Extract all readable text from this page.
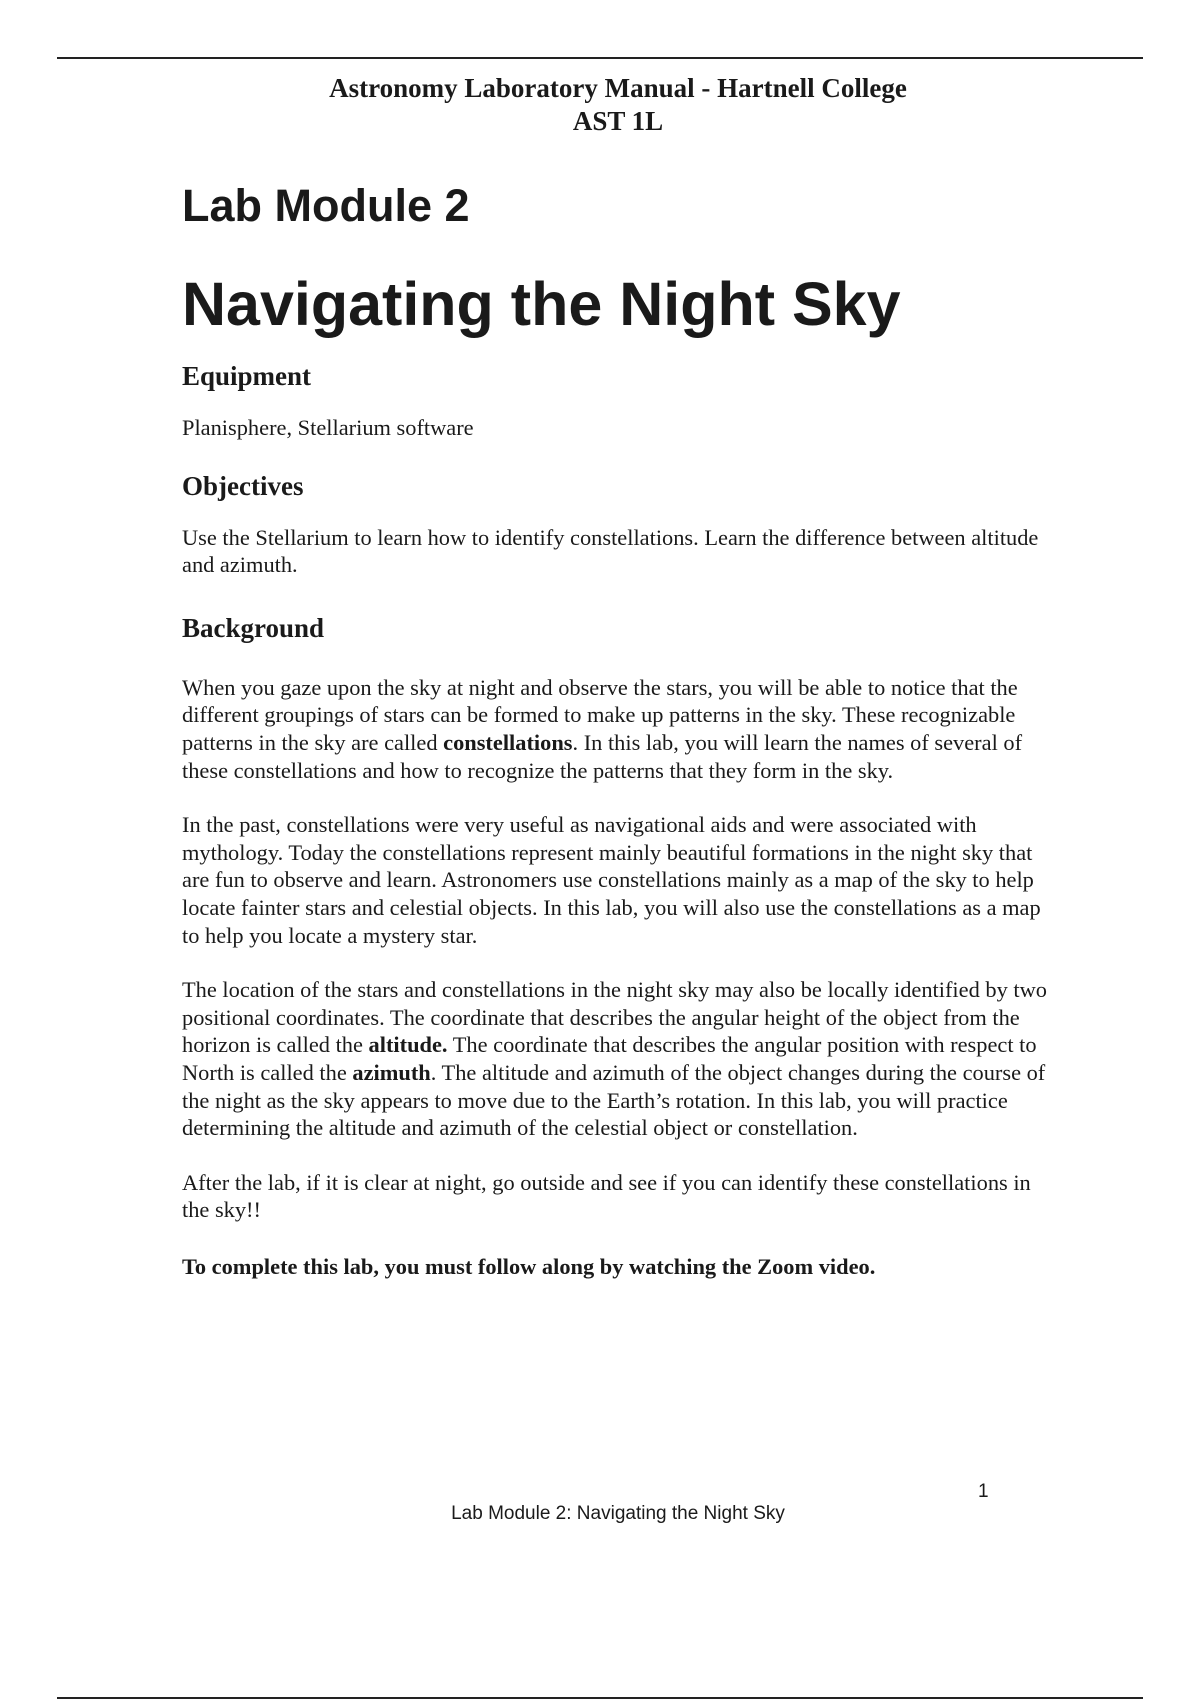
Astronomy Laboratory Manual - Hartnell College
AST 1L
Lab Module 2
Navigating the Night Sky
Equipment

Planisphere, Stellarium software

Objectives

Use the Stellarium to learn how to identify constellations. Learn the difference between altitude and azimuth.

Background

When you gaze upon the sky at night and observe the stars, you will be able to notice that the different groupings of stars can be formed to make up patterns in the sky. These recognizable patterns in the sky are called constellations. In this lab, you will learn the names of several of these constellations and how to recognize the patterns that they form in the sky.

In the past, constellations were very useful as navigational aids and were associated with mythology. Today the constellations represent mainly beautiful formations in the night sky that are fun to observe and learn. Astronomers use constellations mainly as a map of the sky to help locate fainter stars and celestial objects. In this lab, you will also use the constellations as a map to help you locate a mystery star.

The location of the stars and constellations in the night sky may also be locally identified by two positional coordinates. The coordinate that describes the angular height of the object from the horizon is called the altitude. The coordinate that describes the angular position with respect to North is called the azimuth. The altitude and azimuth of the object changes during the course of the night as the sky appears to move due to the Earth’s rotation. In this lab, you will practice determining the altitude and azimuth of the celestial object or constellation.

After the lab, if it is clear at night, go outside and see if you can identify these constellations in the sky!!

To complete this lab, you must follow along by watching the Zoom video.

1
Lab Module 2: Navigating the Night Sky
